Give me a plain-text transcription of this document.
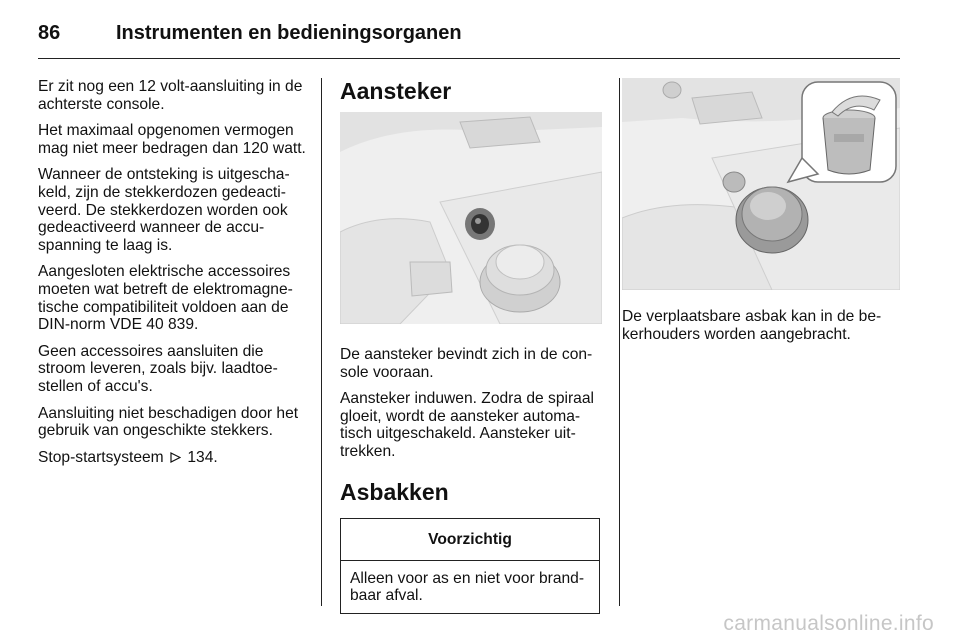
86	Instrumenten en bedieningsorganen

Er zit nog een 12 volt-aansluiting in de achterste console.

Het maximaal opgenomen vermogen mag niet meer bedragen dan 120 watt.

Wanneer de ontsteking is uitgescha-keld, zijn de stekkerdozen gedeacti-veerd. De stekkerdozen worden ook gedeactiveerd wanneer de accu-spanning te laag is.

Aangesloten elektrische accessoires moeten wat betreft de elektromagne-tische compatibiliteit voldoen aan de DIN-norm VDE 40 839.

Geen accessoires aansluiten die stroom leveren, zoals bijv. laadtoe-stellen of accu's.

Aansluiting niet beschadigen door het gebruik van ongeschikte stekkers.

Stop-startsysteem 134.

Aansteker

De aansteker bevindt zich in de con-sole vooraan.

Aansteker induwen. Zodra de spiraal gloeit, wordt de aansteker automa-tisch uitgeschakeld. Aansteker uit-trekken.

Asbakken
Voorzichtig
Alleen voor as en niet voor brand-baar afval.

De verplaatsbare asbak kan in de be-kerhouders worden aangebracht.

carmanualsonline.info
